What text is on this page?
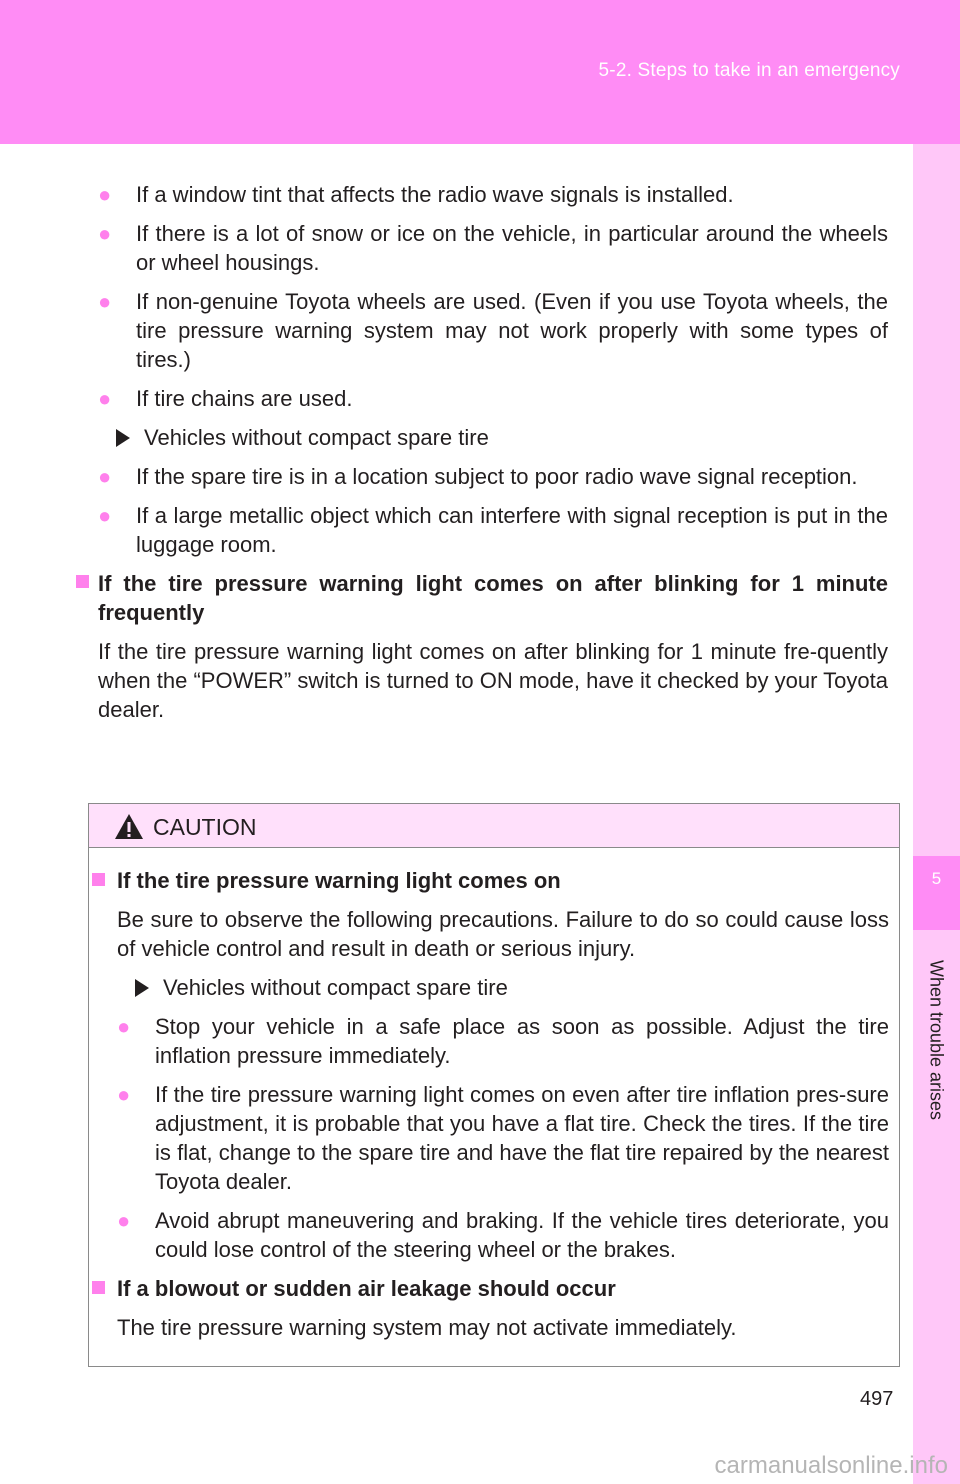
5-2. Steps to take in an emergency
5
When trouble arises
● If a window tint that affects the radio wave signals is installed.
● If there is a lot of snow or ice on the vehicle, in particular around the wheels or wheel housings.
● If non-genuine Toyota wheels are used. (Even if you use Toyota wheels, the tire pressure warning system may not work properly with some types of tires.)
● If tire chains are used.
Vehicles without compact spare tire
● If the spare tire is in a location subject to poor radio wave signal reception.
● If a large metallic object which can interfere with signal reception is put in the luggage room.
If the tire pressure warning light comes on after blinking for 1 minute frequently
If the tire pressure warning light comes on after blinking for 1 minute fre-quently when the “POWER” switch is turned to ON mode, have it checked by your Toyota dealer.
CAUTION
If the tire pressure warning light comes on
Be sure to observe the following precautions. Failure to do so could cause loss of vehicle control and result in death or serious injury.
Vehicles without compact spare tire
● Stop your vehicle in a safe place as soon as possible. Adjust the tire inflation pressure immediately.
● If the tire pressure warning light comes on even after tire inflation pres-sure adjustment, it is probable that you have a flat tire. Check the tires. If the tire is flat, change to the spare tire and have the flat tire repaired by the nearest Toyota dealer.
● Avoid abrupt maneuvering and braking. If the vehicle tires deteriorate, you could lose control of the steering wheel or the brakes.
If a blowout or sudden air leakage should occur
The tire pressure warning system may not activate immediately.
497
carmanualsonline.info
